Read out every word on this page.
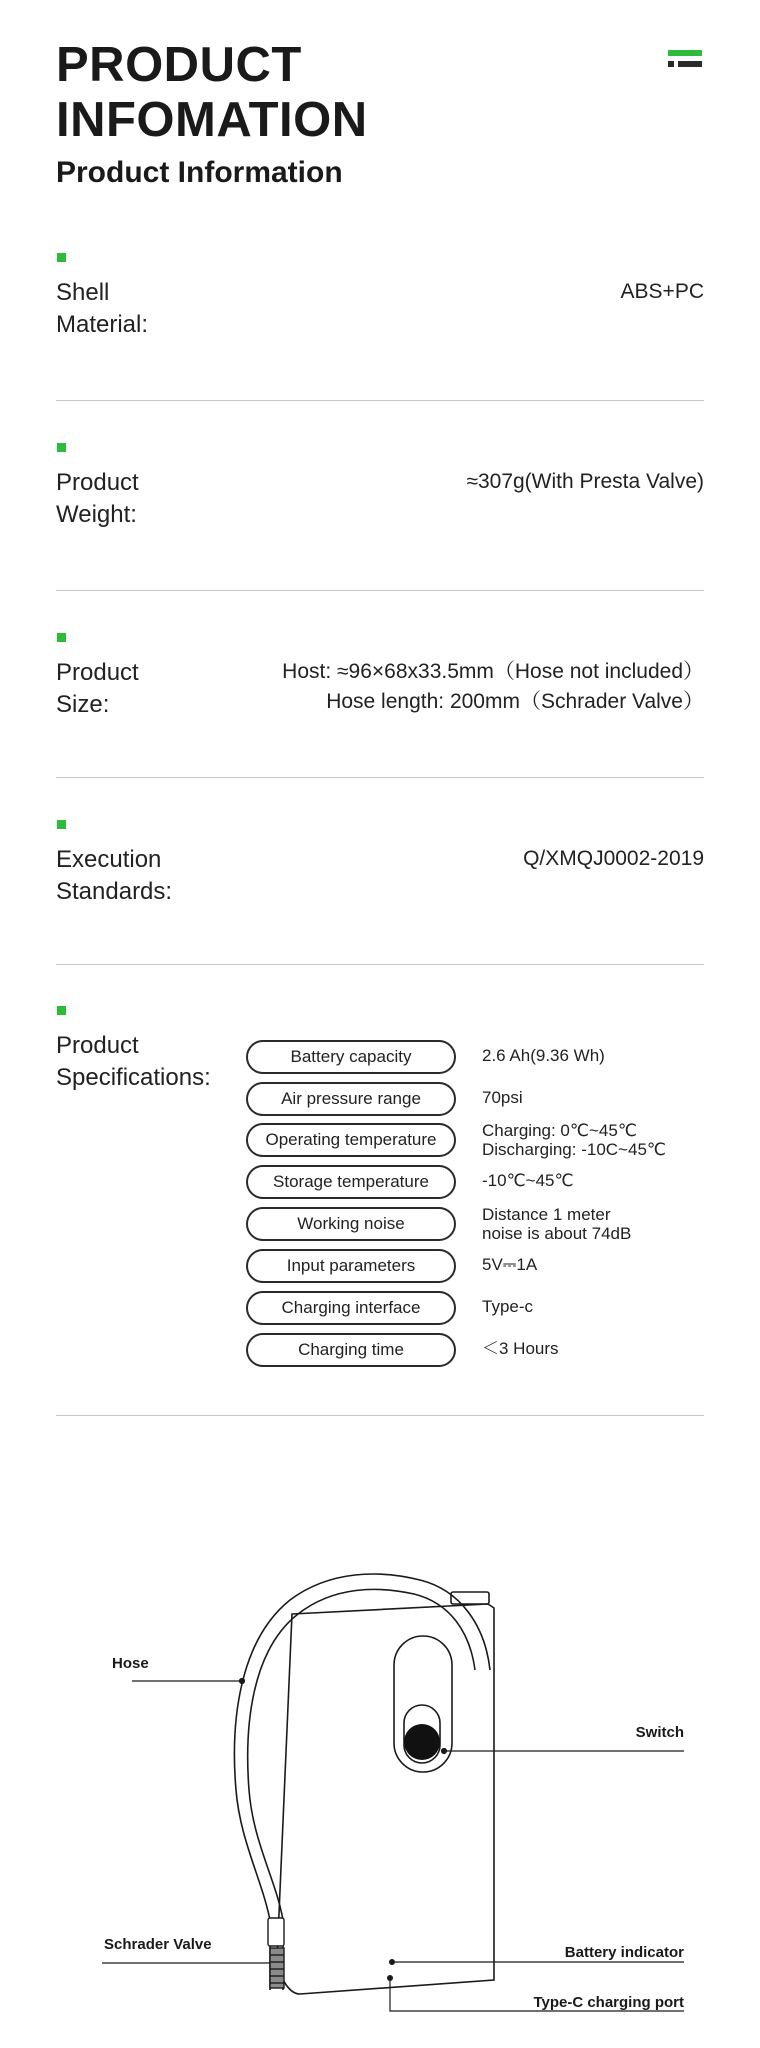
PRODUCT
INFOMATION
Product Information
Shell
Material:
ABS+PC
Product
Weight:
≈307g(With Presta Valve)
Product
Size:
Host: ≈96×68x33.5mm（Hose not included）
Hose length: 200mm（Schrader Valve）
Execution
Standards:
Q/XMQJ0002-2019
Product
Specifications:
Battery capacity	2.6 Ah(9.36 Wh)
Air pressure range	70psi
Operating temperature	Charging: 0℃~45℃
Discharging: -10C~45℃
Storage temperature	-10℃~45℃
Working noise	Distance 1 meter
noise is about 74dB
Input parameters	5V⎓1A
Charging interface	Type-c
Charging time	＜3 Hours
Hose
Switch
Schrader Valve	Battery indicator
Type-C charging port
